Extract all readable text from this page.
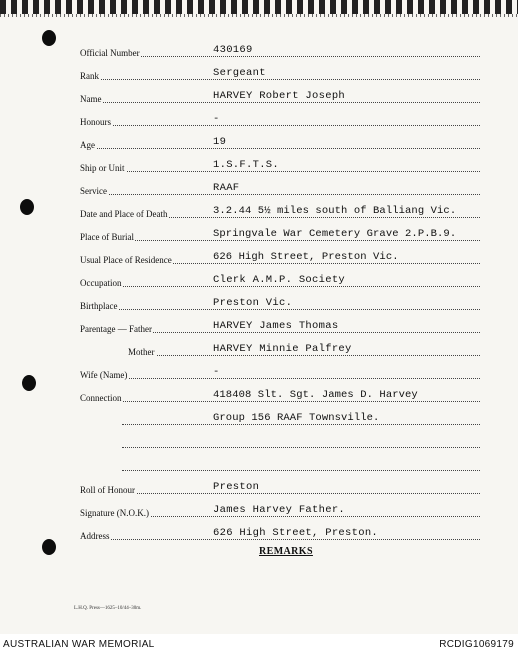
Official Number	430169
Rank	Sergeant
Name	HARVEY Robert Joseph
Honours	-
Age	19
Ship or Unit	1.S.F.T.S.
Service	RAAF
Date and Place of Death	3.2.44 5½ miles south of Balliang Vic.
Place of Burial	Springvale War Cemetery Grave 2.P.B.9.
Usual Place of Residence	626 High Street, Preston Vic.
Occupation	Clerk A.M.P. Society
Birthplace	Preston Vic.
Parentage — Father	HARVEY James Thomas
Mother	HARVEY Minnie Palfrey
Wife (Name)	-
Connection	418408 Slt. Sgt. James D. Harvey
Group 156 RAAF Townsville.
Roll of Honour	Preston
Signature (N.O.K.)	James Harvey Father.
Address	626 High Street, Preston.
REMARKS
L.H.Q. Press—1625–10/44–30m.
AUSTRALIAN WAR MEMORIAL	RCDIG1069179
